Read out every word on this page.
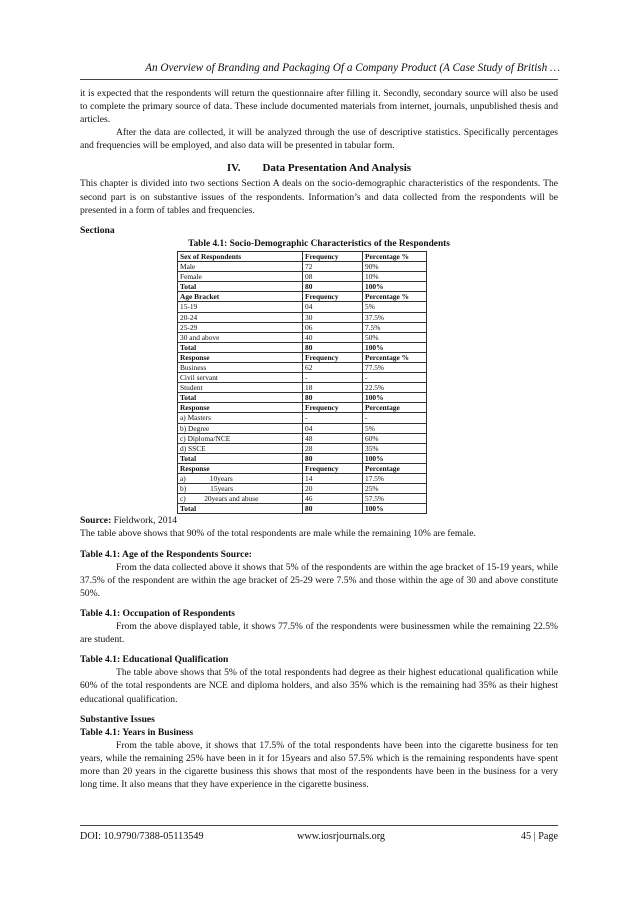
An Overview of Branding and Packaging Of a Company Product (A Case Study of British …

it is expected that the respondents will return the questionnaire after filling it. Secondly, secondary source will also be used to complete the primary source of data. These include documented materials from internet, journals, unpublished thesis and articles.

After the data are collected, it will be analyzed through the use of descriptive statistics. Specifically percentages and frequencies will be employed, and also data will be presented in tabular form.

IV.        Data Presentation And Analysis

This chapter is divided into two sections Section A deals on the socio-demographic characteristics of the respondents. The second part is on substantive issues of the respondents. Information’s and data collected from the respondents will be presented in a form of tables and frequencies.

Sectiona

Table 4.1: Socio-Demographic Characteristics of the Respondents
Sex of Respondents	Frequency	Percentage %
Male	72	90%
Female	08	10%
Total	80	100%
Age Bracket	Frequency	Percentage %
15-19	04	5%
20-24	30	37.5%
25-29	06	7.5%
30 and above	40	50%
Total	80	100%
Response	Frequency	Percentage %
Business	62	77.5%
Civil servant	-	-
Student	18	22.5%
Total	80	100%
Response	Frequency	Percentage
a) Masters	-	-
b) Degree	04	5%
c) Diploma/NCE	48	60%
d) SSCE	28	35%
Total	80	100%
Response	Frequency	Percentage
a)             10years	14	17.5%
b)             15years	20	25%
c)          20years and abuse	46	57.5%
Total	80	100%

Source: Fieldwork, 2014

The table above shows that 90% of the total respondents are male while the remaining 10% are female.

Table 4.1: Age of the Respondents Source:

From the data collected above it shows that 5% of the respondents are within the age bracket of 15-19 years, while 37.5% of the respondent are within the age bracket of 25-29 were 7.5% and those within the age of 30 and above constitute 50%.

Table 4.1: Occupation of Respondents

From the above displayed table, it shows 77.5% of the respondents were businessmen while the remaining 22.5% are student.

Table 4.1: Educational Qualification

The table above shows that 5% of the total respondents had degree as their highest educational qualification while 60% of the total respondents are NCE and diploma holders, and also 35% which is the remaining had 35% as their highest educational qualification.

Substantive Issues

Table 4.1: Years in Business

From the table above, it shows that 17.5% of the total respondents have been into the cigarette business for ten years, while the remaining 25% have been in it for 15years and also 57.5% which is the remaining respondents have spent more than 20 years in the cigarette business this shows that most of the respondents have been in the business for a very long time. It also means that they have experience in the cigarette business.

DOI: 10.9790/7388-05113549	www.iosrjournals.org	45 | Page
